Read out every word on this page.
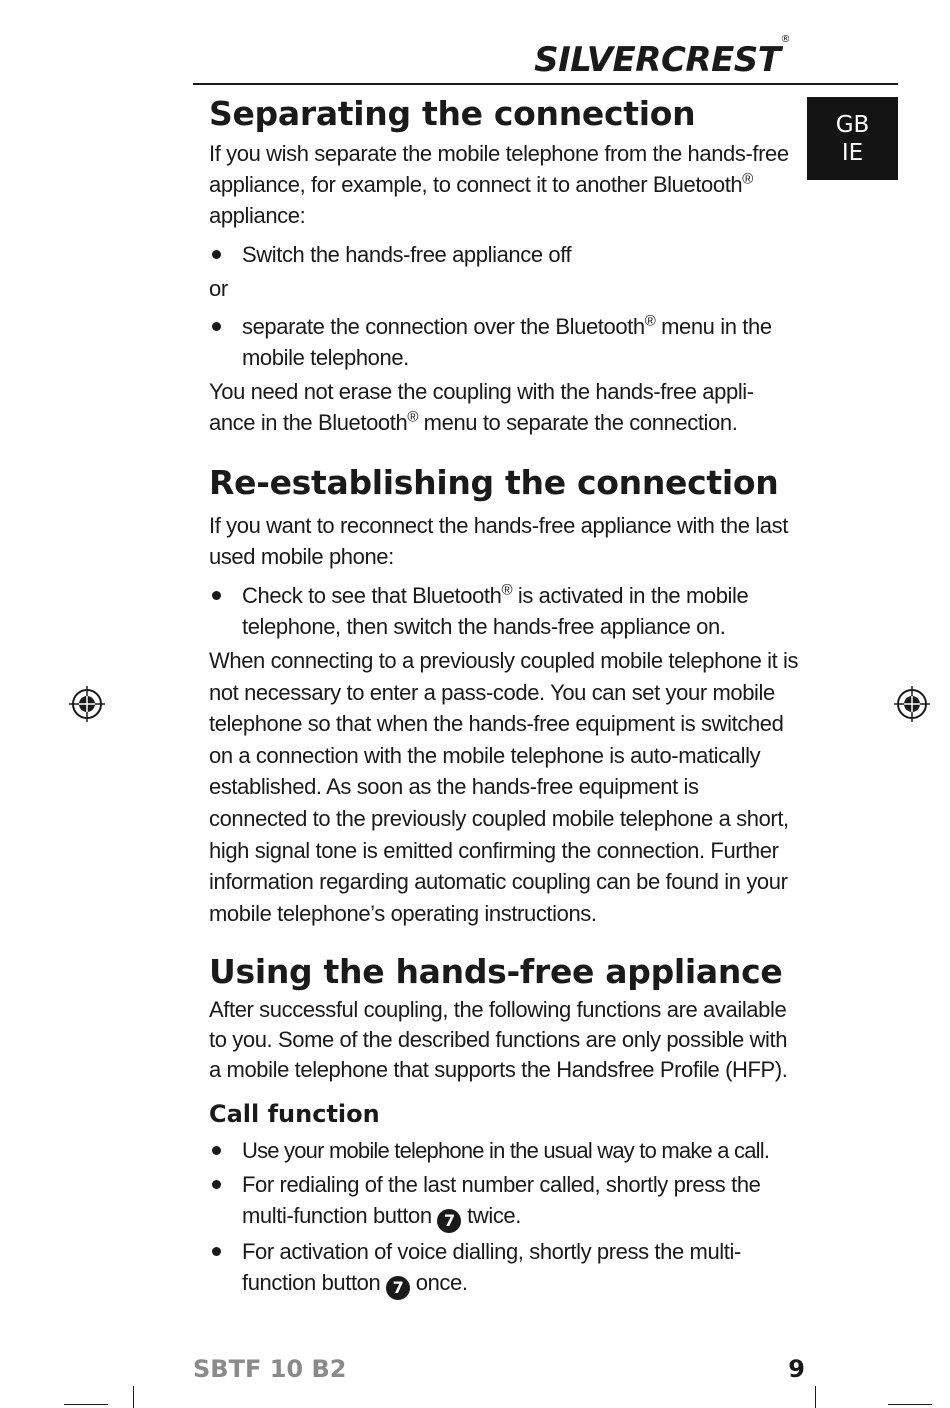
SILVERCREST®
GB
IE
Separating the connection

If you wish separate the mobile telephone from the hands-free appliance, for example, to connect it to another Bluetooth® appliance:

Switch the hands-free appliance off

or

separate the connection over the Bluetooth® menu in the mobile telephone.

You need not erase the coupling with the hands-free appli-ance in the Bluetooth® menu to separate the connection.

Re-establishing the connection

If you want to reconnect the hands-free appliance with the last used mobile phone:

Check to see that Bluetooth® is activated in the mobile telephone, then switch the hands-free appliance on.

When connecting to a previously coupled mobile telephone it is not necessary to enter a pass-code. You can set your mobile telephone so that when the hands-free equipment is switched on a connection with the mobile telephone is auto-matically established. As soon as the hands-free equipment is connected to the previously coupled mobile telephone a short, high signal tone is emitted confirming the connection. Further information regarding automatic coupling can be found in your mobile telephone’s operating instructions.

Using the hands-free appliance

After successful coupling, the following functions are available to you. Some of the described functions are only possible with a mobile telephone that supports the Handsfree Profile (HFP).

Call function
Use your mobile telephone in the usual way to make a call.
For redialing of the last number called, shortly press the multi-function button 7 twice.
For activation of voice dialling, shortly press the multi-function button 7 once.
SBTF 10 B2	9
